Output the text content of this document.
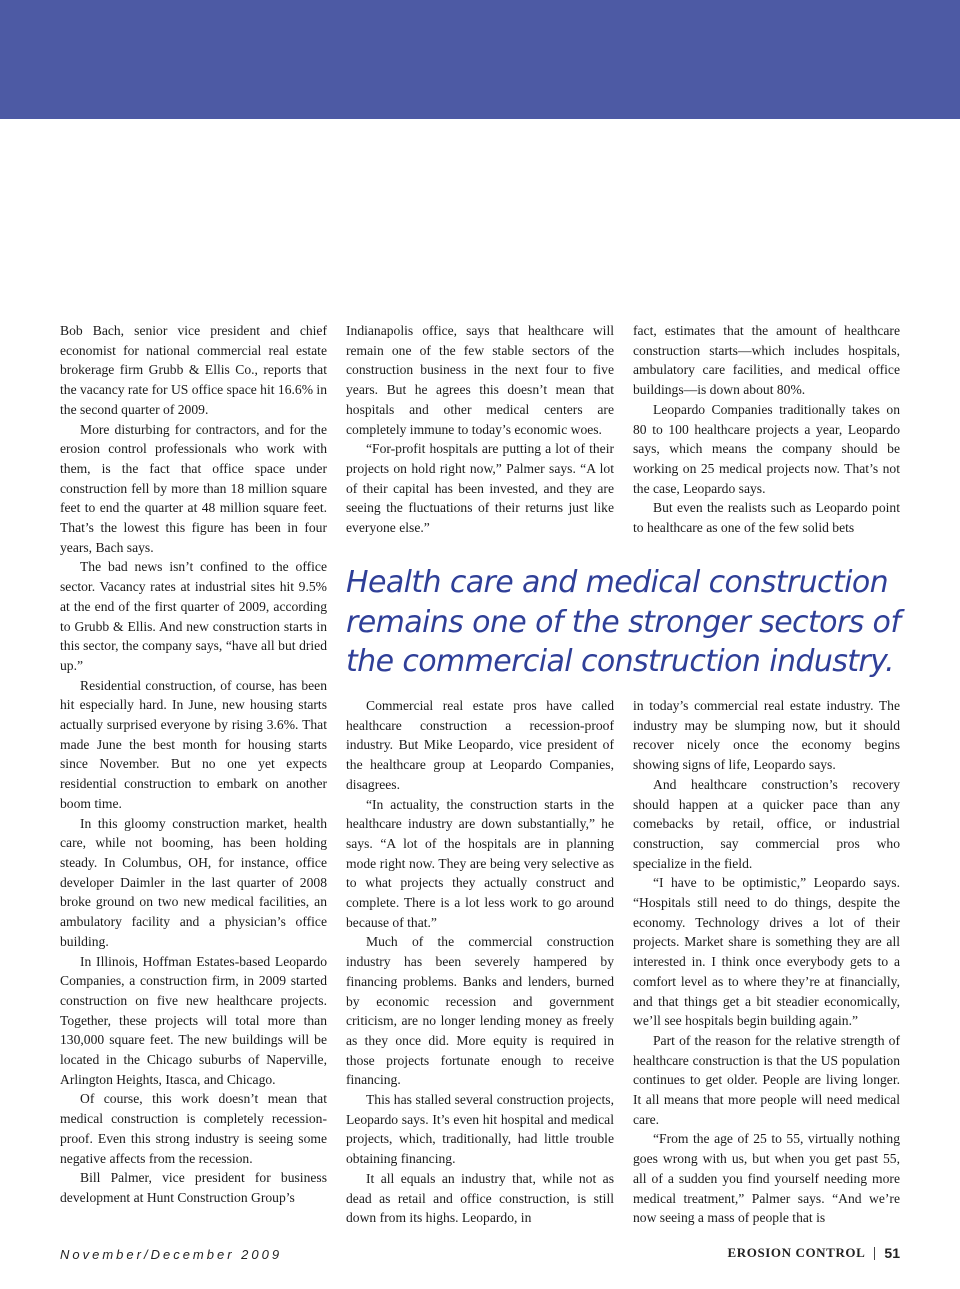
Bob Bach, senior vice president and chief economist for national commercial real estate brokerage firm Grubb & Ellis Co., reports that the vacancy rate for US office space hit 16.6% in the second quarter of 2009.

More disturbing for contractors, and for the erosion control professionals who work with them, is the fact that office space under construction fell by more than 18 million square feet to end the quarter at 48 million square feet. That’s the lowest this figure has been in four years, Bach says.

The bad news isn’t confined to the office sector. Vacancy rates at industrial sites hit 9.5% at the end of the first quarter of 2009, according to Grubb & Ellis. And new construction starts in this sector, the company says, “have all but dried up.”

Residential construction, of course, has been hit especially hard. In June, new housing starts actually surprised everyone by rising 3.6%. That made June the best month for housing starts since November. But no one yet expects residential construction to embark on another boom time.

In this gloomy construction market, health care, while not booming, has been holding steady. In Columbus, OH, for instance, office developer Daimler in the last quarter of 2008 broke ground on two new medical facilities, an ambulatory facility and a physician’s office building.

In Illinois, Hoffman Estates-based Leopardo Companies, a construction firm, in 2009 started construction on five new healthcare projects. Together, these projects will total more than 130,000 square feet. The new buildings will be located in the Chicago suburbs of Naperville, Arlington Heights, Itasca, and Chicago.

Of course, this work doesn’t mean that medical construction is completely recession-proof. Even this strong industry is seeing some negative affects from the recession.

Bill Palmer, vice president for business development at Hunt Construction Group’s

Indianapolis office, says that healthcare will remain one of the few stable sectors of the construction business in the next four to five years. But he agrees this doesn’t mean that hospitals and other medical centers are completely immune to today’s economic woes.

“For-profit hospitals are putting a lot of their projects on hold right now,” Palmer says. “A lot of their capital has been invested, and they are seeing the fluctuations of their returns just like everyone else.”

fact, estimates that the amount of healthcare construction starts—which includes hospitals, ambulatory care facilities, and medical office buildings—is down about 80%.

Leopardo Companies traditionally takes on 80 to 100 healthcare projects a year, Leopardo says, which means the company should be working on 25 medical projects now. That’s not the case, Leopardo says.

But even the realists such as Leopardo point to healthcare as one of the few solid bets

Health care and medical construction remains one of the stronger sectors of the commercial construction industry.

Commercial real estate pros have called healthcare construction a recession-proof industry. But Mike Leopardo, vice president of the healthcare group at Leopardo Companies, disagrees.

“In actuality, the construction starts in the healthcare industry are down substantially,” he says. “A lot of the hospitals are in planning mode right now. They are being very selective as to what projects they actually construct and complete. There is a lot less work to go around because of that.”

Much of the commercial construction industry has been severely hampered by financing problems. Banks and lenders, burned by economic recession and government criticism, are no longer lending money as freely as they once did. More equity is required in those projects fortunate enough to receive financing.

This has stalled several construction projects, Leopardo says. It’s even hit hospital and medical projects, which, traditionally, had little trouble obtaining financing.

It all equals an industry that, while not as dead as retail and office construction, is still down from its highs. Leopardo, in

in today’s commercial real estate industry. The industry may be slumping now, but it should recover nicely once the economy begins showing signs of life, Leopardo says.

And healthcare construction’s recovery should happen at a quicker pace than any comebacks by retail, office, or industrial construction, say commercial pros who specialize in the field.

“I have to be optimistic,” Leopardo says. “Hospitals still need to do things, despite the economy. Technology drives a lot of their projects. Market share is something they are all interested in. I think once everybody gets to a comfort level as to where they’re at financially, and that things get a bit steadier economically, we’ll see hospitals begin building again.”

Part of the reason for the relative strength of healthcare construction is that the US population continues to get older. People are living longer. It all means that more people will need medical care.

“From the age of 25 to 55, virtually nothing goes wrong with us, but when you get past 55, all of a sudden you find yourself needing more medical treatment,” Palmer says. “And we’re now seeing a mass of people that is

November/December 2009	EROSION CONTROL 51
